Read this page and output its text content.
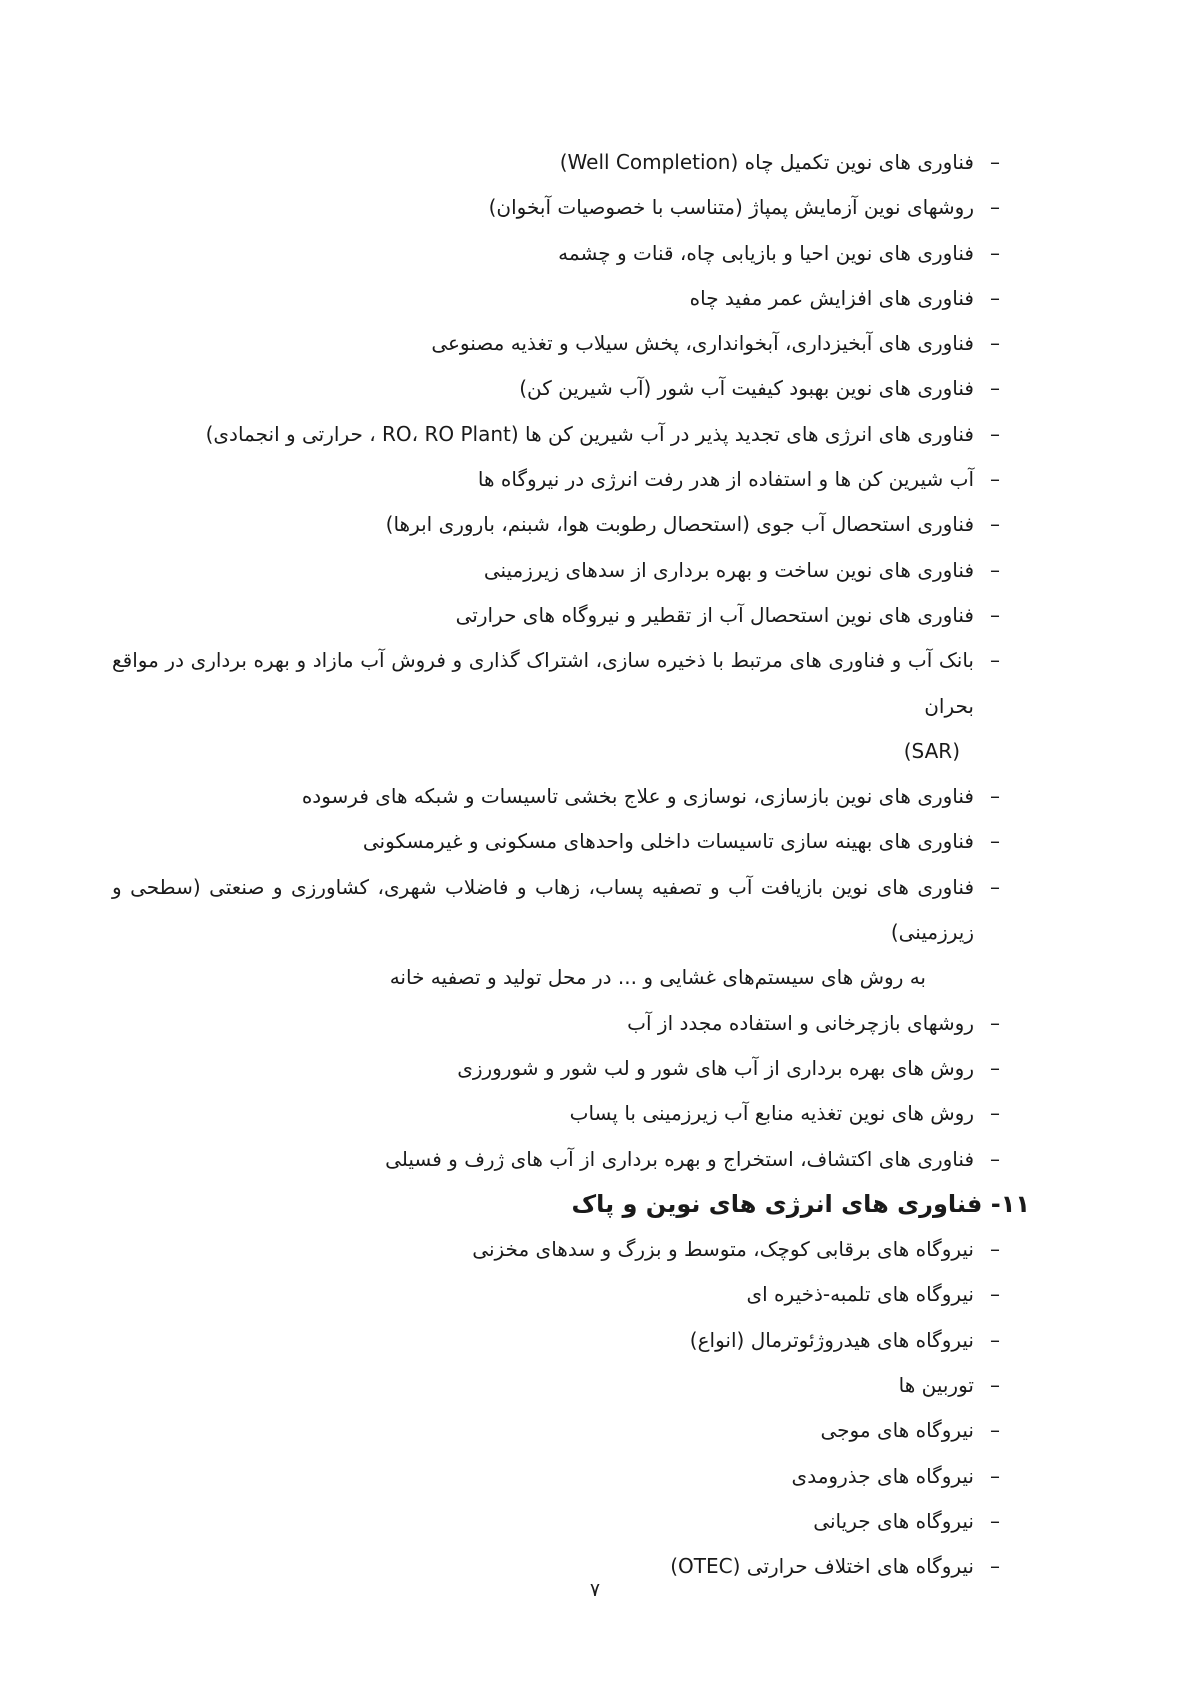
–
فناوری های نوین تکمیل چاه (Well Completion)
–
روشهای نوین آزمایش پمپاژ (متناسب با خصوصیات آبخوان)
–
فناوری های نوین احیا و بازیابی چاه، قنات و چشمه
–
فناوری های افزایش عمر مفید چاه
–
فناوری های آبخیزداری، آبخوانداری، پخش سیلاب و تغذیه مصنوعی
–
فناوری های نوین بهبود کیفیت آب شور (آب شیرین کن)
–
فناوری های انرژی های تجدید پذیر در آب شیرین کن ها (RO، RO Plant ، حرارتی و انجمادی)
–
آب شیرین کن ها و استفاده از هدر رفت انرژی در نیروگاه ها
–
فناوری استحصال آب جوی (استحصال رطوبت هوا، شبنم، باروری ابرها)
–
فناوری های نوین ساخت و بهره برداری از سدهای زیرزمینی
–
فناوری های نوین استحصال آب از تقطیر و نیروگاه های حرارتی
–
بانک آب و فناوری های مرتبط با ذخیره سازی، اشتراک گذاری و فروش آب مازاد و بهره برداری در مواقع بحران
(SAR)
–
فناوری های نوین بازسازی، نوسازی و علاج بخشی تاسیسات و شبکه های فرسوده
–
فناوری های بهینه سازی تاسیسات داخلی واحدهای مسکونی و غیرمسکونی
–
فناوری های نوین بازیافت آب و تصفیه پساب، زهاب و فاضلاب شهری، کشاورزی و صنعتی (سطحی و زیرزمینی)
به روش های سیستم‌های غشایی و ... در محل تولید و تصفیه خانه
–
روشهای بازچرخانی و استفاده مجدد از آب
–
روش های بهره برداری از آب های شور و لب شور و شورورزی
–
روش های نوین تغذیه منابع آب زیرزمینی با پساب
–
فناوری های اکتشاف، استخراج و بهره برداری از آب های ژرف و فسیلی
۱۱- فناوری های انرژی های نوین و پاک
–
نیروگاه های برقابی کوچک، متوسط و بزرگ و سدهای مخزنی
–
نیروگاه های تلمبه-ذخیره ای
–
نیروگاه های هیدروژئوترمال (انواع)
–
توربین ها
–
نیروگاه های موجی
–
نیروگاه های جذرومدی
–
نیروگاه های جریانی
–
نیروگاه های اختلاف حرارتی (OTEC)
۷
